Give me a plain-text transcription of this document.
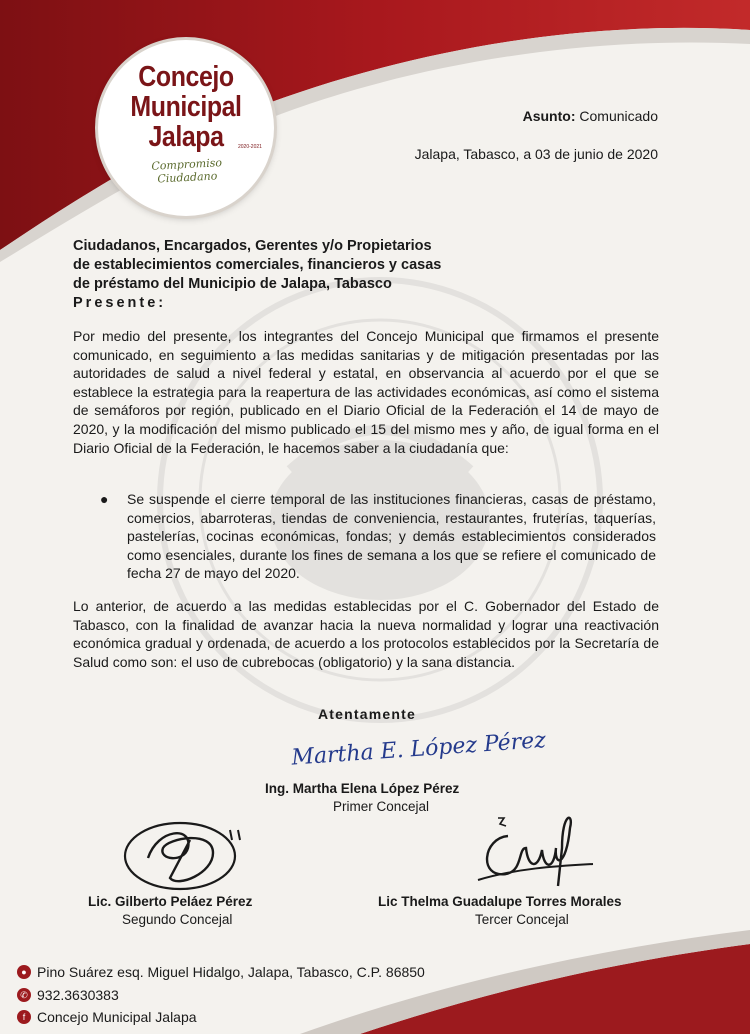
Concejo
Municipal
Jalapa	2020-2021
Compromiso Ciudadano
Asunto: Comunicado
Jalapa, Tabasco, a 03 de junio de 2020
Ciudadanos, Encargados, Gerentes y/o Propietarios
de establecimientos comerciales, financieros y casas
de préstamo del Municipio de Jalapa, Tabasco
Presente:
Por medio del presente, los integrantes del Concejo Municipal que firmamos el presente comunicado, en seguimiento a las medidas sanitarias y de mitigación presentadas por las autoridades de salud a nivel federal y estatal, en observancia al acuerdo por el que se establece la estrategia para la reapertura de las actividades económicas, así como el sistema de semáforos por región, publicado en el Diario Oficial de la Federación el 14 de mayo de 2020, y la modificación del mismo publicado el 15 del mismo mes y año, de igual forma en el Diario Oficial de la Federación, le hacemos saber a la ciudadanía que:
● Se suspende el cierre temporal de las instituciones financieras, casas de préstamo, comercios, abarroteras, tiendas de conveniencia, restaurantes, fruterías, taquerías, pastelerías, cocinas económicas, fondas; y demás establecimientos considerados como esenciales, durante los fines de semana a los que se refiere el comunicado de fecha 27 de mayo del 2020.
Lo anterior, de acuerdo a las medidas establecidas por el C. Gobernador del Estado de Tabasco, con la finalidad de avanzar hacia la nueva normalidad y lograr una reactivación económica gradual y ordenada, de acuerdo a los protocolos establecidos por la Secretaría de Salud como son: el uso de cubrebocas (obligatorio) y la sana distancia.
Atentamente
Martha E. López Pérez
Ing. Martha Elena López Pérez
Primer Concejal
Lic. Gilberto Peláez Pérez
Segundo Concejal
Lic Thelma Guadalupe Torres Morales
Tercer Concejal
● Pino Suárez esq. Miguel Hidalgo, Jalapa, Tabasco, C.P. 86850
✆ 932.3630383
f Concejo Municipal Jalapa
